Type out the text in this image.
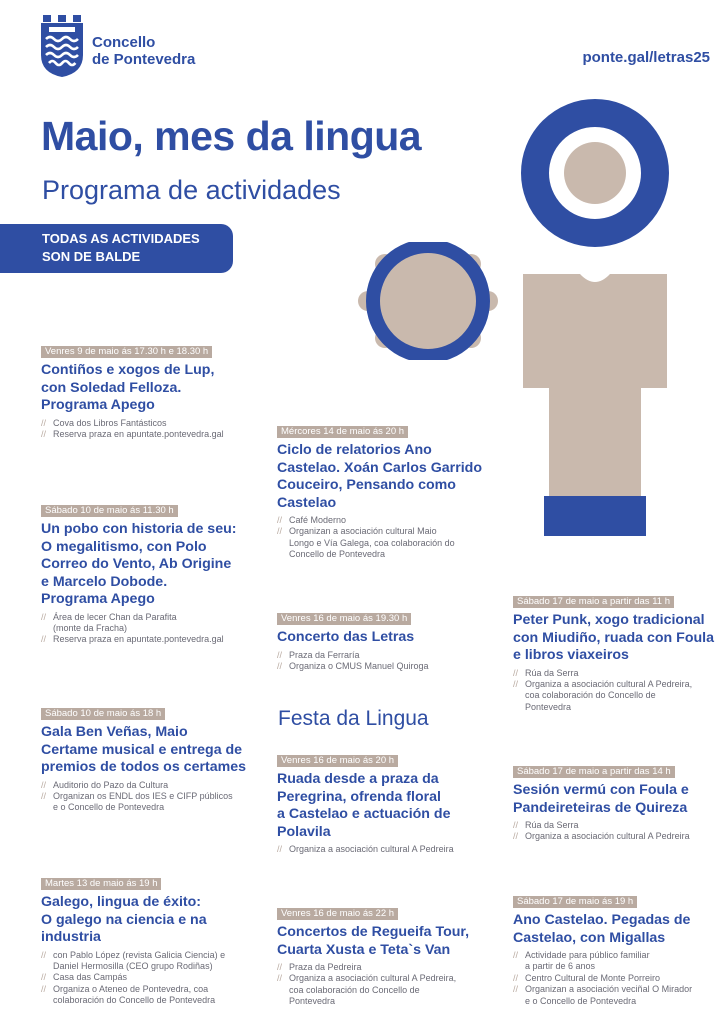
Concello
de Pontevedra	ponte.gal/letras25
Maio, mes da lingua
Programa de actividades
TODAS AS ACTIVIDADES
SON DE BALDE
Venres 9 de maio ás 17.30 h e 18.30 h
Contiños e xogos de Lup,
con Soledad Felloza.
Programa Apego
// Cova dos Libros Fantásticos
// Reserva praza en apuntate.pontevedra.gal
Sábado 10 de maio ás 11.30 h
Un pobo con historia de seu:
O megalitismo, con Polo
Correo do Vento, Ab Origine
e Marcelo Dobode.
Programa Apego
// Área de lecer Chan da Parafita
(monte da Fracha)
// Reserva praza en apuntate.pontevedra.gal
Sábado 10 de maio ás 18 h
Gala Ben Veñas, Maio
Certame musical e entrega de
premios de todos os certames
// Auditorio do Pazo da Cultura
// Organizan os ENDL dos IES e CIFP públicos
e o Concello de Pontevedra
Martes 13 de maio ás 19 h
Galego, lingua de éxito:
O galego na ciencia e na
industria
// con Pablo López (revista Galicia Ciencia) e
Daniel Hermosilla (CEO grupo Rodiñas)
// Casa das Campás
// Organiza o Ateneo de Pontevedra, coa
colaboración do Concello de Pontevedra
Mércores 14 de maio ás 20 h
Ciclo de relatorios Ano
Castelao. Xoán Carlos Garrido
Couceiro, Pensando como
Castelao
// Café Moderno
// Organizan a asociación cultural Maio
Longo e Vía Galega, coa colaboración do
Concello de Pontevedra
Venres 16 de maio ás 19.30 h
Concerto das Letras
// Praza da Ferraría
// Organiza o CMUS Manuel Quiroga
Festa da Lingua
Venres 16 de maio ás 20 h
Ruada desde a praza da
Peregrina, ofrenda floral
a Castelao e actuación de
Polavila
// Organiza a asociación cultural A Pedreira
Venres 16 de maio ás 22 h
Concertos de Regueifa Tour,
Cuarta Xusta e Teta`s Van
// Praza da Pedreira
// Organiza a asociación cultural A Pedreira,
coa colaboración do Concello de
Pontevedra
Sábado 17 de maio a partir das 11 h
Peter Punk, xogo tradicional
con Miudiño, ruada con Foula
e libros viaxeiros
// Rúa da Serra
// Organiza a asociación cultural A Pedreira,
coa colaboración do Concello de
Pontevedra
Sábado 17 de maio a partir das 14 h
Sesión vermú con Foula e
Pandeireteiras de Quireza
// Rúa da Serra
// Organiza a asociación cultural A Pedreira
Sábado 17 de maio ás 19 h
Ano Castelao. Pegadas de
Castelao, con Migallas
// Actividade para público familiar
a partir de 6 anos
// Centro Cultural de Monte Porreiro
// Organizan a asociación veciñal O Mirador
e o Concello de Pontevedra
